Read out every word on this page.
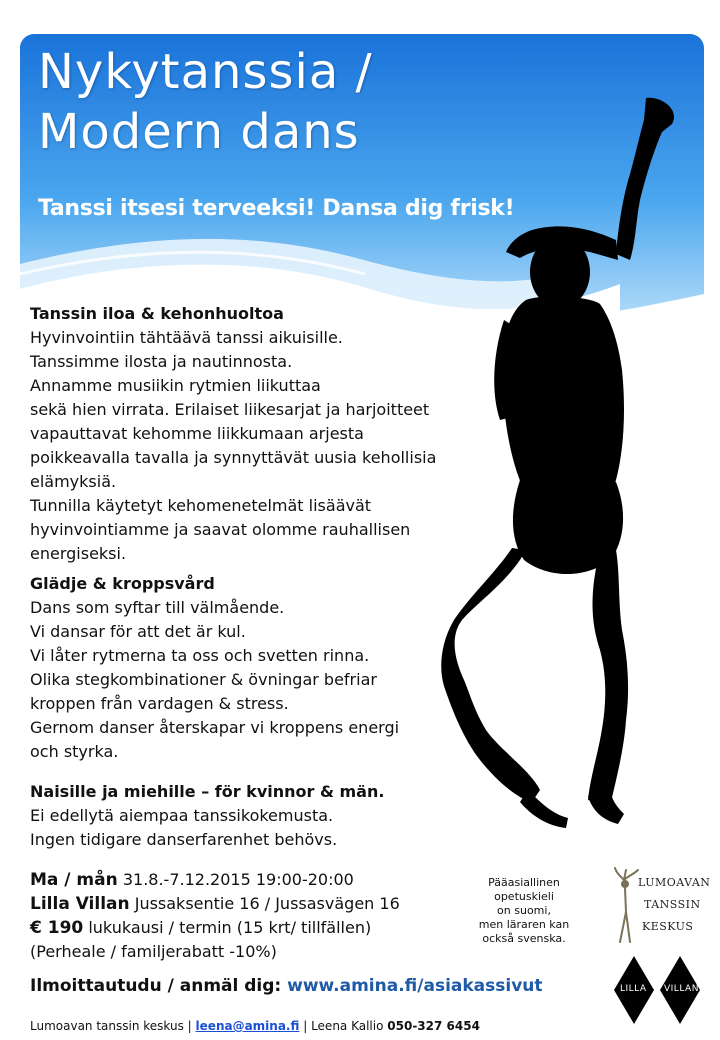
Nykytanssia /
Modern dans
Tanssi itsesi terveeksi! Dansa dig frisk!
Tanssin iloa & kehonhuoltoa
Hyvinvointiin tähtäävä tanssi aikuisille.
Tanssimme ilosta ja nautinnosta.
Annamme musiikin rytmien liikuttaa
sekä hien virrata. Erilaiset liikesarjat ja harjoitteet
vapauttavat kehomme liikkumaan arjesta
poikkeavalla tavalla ja synnyttävät uusia kehollisia
elämyksiä.
Tunnilla käytetyt kehomenetelmät lisäävät
hyvinvointiamme ja saavat olomme rauhallisen
energiseksi.
Glädje & kroppsvård
Dans som syftar till välmående.
Vi dansar för att det är kul.
Vi låter rytmerna ta oss och svetten rinna.
Olika stegkombinationer & övningar befriar
kroppen från vardagen & stress.
Gernom danser återskapar vi kroppens energi
och styrka.
Naisille ja miehille – för kvinnor & män.
Ei edellytä aiempaa tanssikokemusta.
Ingen tidigare danserfarenhet behövs.
Ma / mån 31.8.-7.12.2015 19:00-20:00
Lilla Villan Jussaksentie 16 / Jussasvägen 16
€ 190 lukukausi / termin (15 krt/ tillfällen)
(Perheale / familjerabatt -10%)
Pääasiallinen
opetuskieli
on suomi,
men läraren kan
också svenska.
LUMOAVAN
TANSSIN
KESKUS
LILLA VILLAN
Ilmoittautudu / anmäl dig: www.amina.fi/asiakassivut
Lumoavan tanssin keskus | leena@amina.fi | Leena Kallio 050-327 6454
